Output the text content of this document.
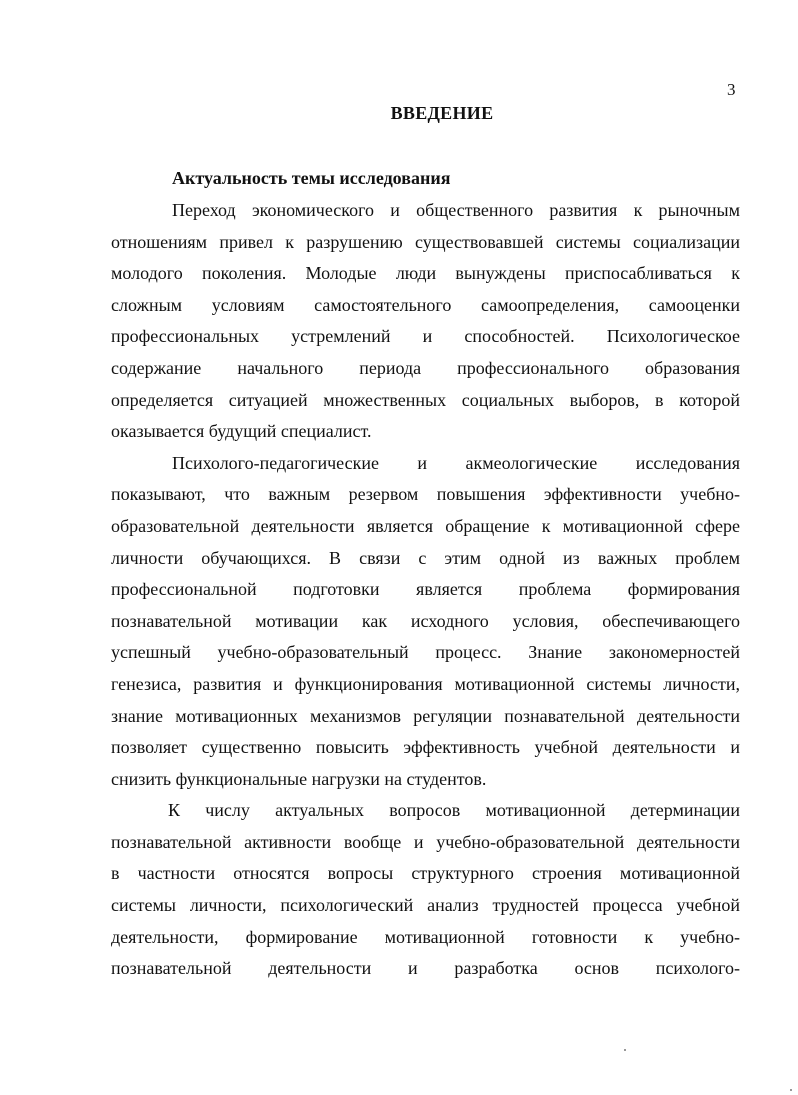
3
ВВЕДЕНИЕ
Актуальность темы исследования
Переход экономического и общественного развития к рыночным
отношениям привел к разрушению существовавшей системы социализации
молодого поколения. Молодые люди вынуждены приспосабливаться к
сложным условиям самостоятельного самоопределения, самооценки
профессиональных устремлений и способностей. Психологическое
содержание начального периода профессионального образования
определяется ситуацией множественных социальных выборов, в которой
оказывается будущий специалист.
Психолого-педагогические и акмеологические исследования
показывают, что важным резервом повышения эффективности учебно-
образовательной деятельности является обращение к мотивационной сфере
личности обучающихся. В связи с этим одной из важных проблем
профессиональной подготовки является проблема формирования
познавательной мотивации как исходного условия, обеспечивающего
успешный учебно-образовательный процесс. Знание закономерностей
генезиса, развития и функционирования мотивационной системы личности,
знание мотивационных механизмов регуляции познавательной деятельности
позволяет существенно повысить эффективность учебной деятельности и
снизить функциональные нагрузки на студентов.
К числу актуальных вопросов мотивационной детерминации
познавательной активности вообще и учебно-образовательной деятельности
в частности относятся вопросы структурного строения мотивационной
системы личности, психологический анализ трудностей процесса учебной
деятельности, формирование мотивационной готовности к учебно-
познавательной деятельности и разработка основ психолого-
